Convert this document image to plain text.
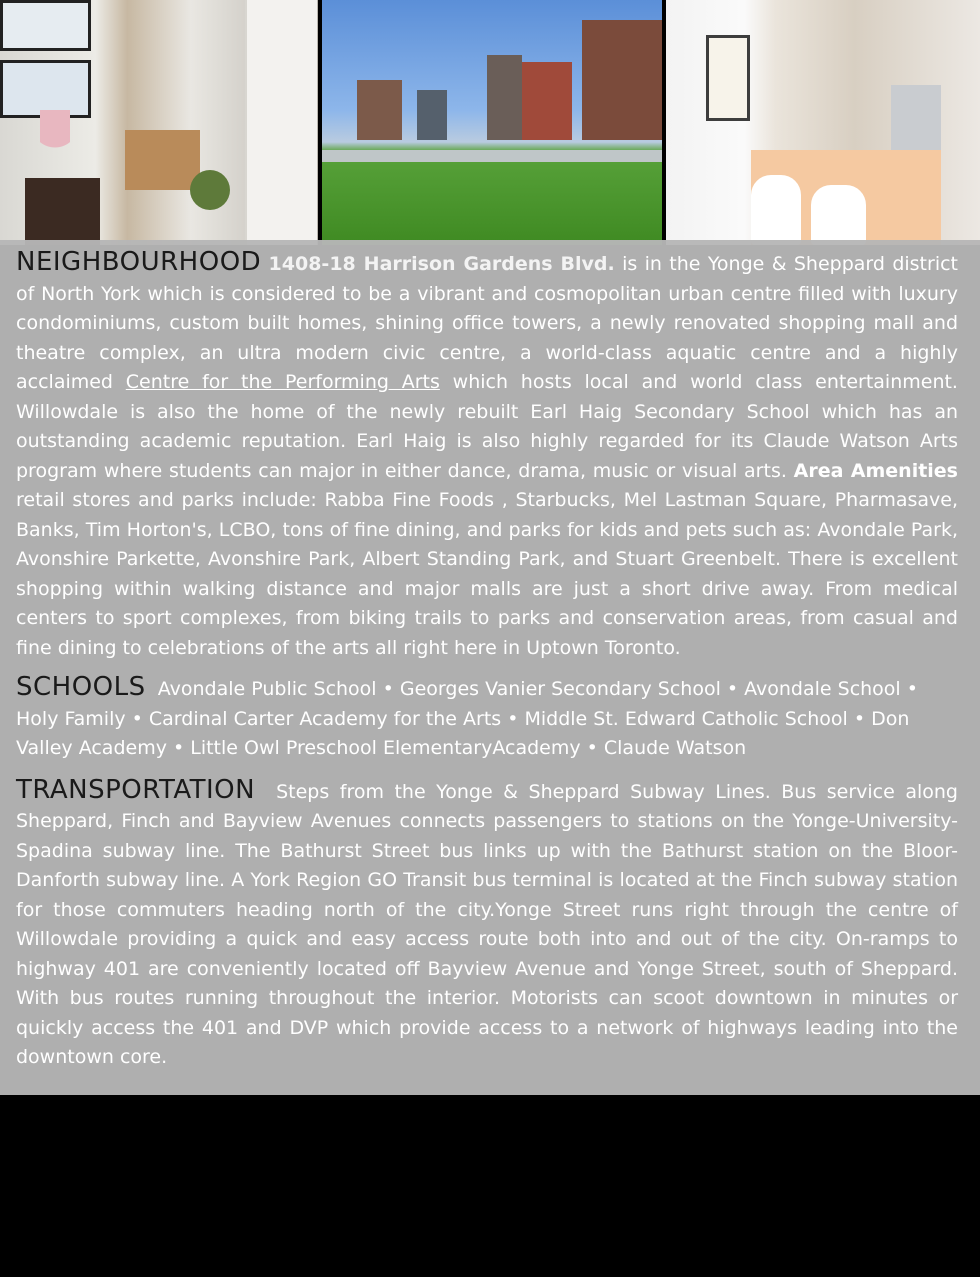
NEIGHBOURHOOD 1408-18 Harrison Gardens Blvd. is in the Yonge & Sheppard district of North York which is considered to be a vibrant and cosmopolitan urban centre filled with luxury condominiums, custom built homes, shining office towers, a newly renovated shopping mall and theatre complex, an ultra modern civic centre, a world-class aquatic centre and a highly acclaimed Centre for the Performing Arts which hosts local and world class entertainment. Willowdale is also the home of the newly rebuilt Earl Haig Secondary School which has an outstanding academic reputation. Earl Haig is also highly regarded for its Claude Watson Arts program where students can major in either dance, drama, music or visual arts. Area Amenities retail stores and parks include: Rabba Fine Foods , Starbucks, Mel Lastman Square, Pharmasave, Banks, Tim Horton's, LCBO, tons of fine dining, and parks for kids and pets such as: Avondale Park, Avonshire Parkette, Avonshire Park, Albert Standing Park, and Stuart Greenbelt. There is excellent shopping within walking distance and major malls are just a short drive away. From medical centers to sport complexes, from biking trails to parks and conservation areas, from casual and fine dining to celebrations of the arts all right here in Uptown Toronto.

SCHOOLS Avondale Public School • Georges Vanier Secondary School • Avondale School • Holy Family • Cardinal Carter Academy for the Arts • Middle St. Edward Catholic School • Don Valley Academy • Little Owl Preschool ElementaryAcademy • Claude Watson

TRANSPORTATION Steps from the Yonge & Sheppard Subway Lines. Bus service along Sheppard, Finch and Bayview Avenues connects passengers to stations on the Yonge-University-Spadina subway line. The Bathurst Street bus links up with the Bathurst station on the Bloor-Danforth subway line. A York Region GO Transit bus terminal is located at the Finch subway station for those commuters heading north of the city.Yonge Street runs right through the centre of Willowdale providing a quick and easy access route both into and out of the city. On-ramps to highway 401 are conveniently located off Bayview Avenue and Yonge Street, south of Sheppard. With bus routes running throughout the interior. Motorists can scoot downtown in minutes or quickly access the 401 and DVP which provide access to a network of highways leading into the downtown core.
